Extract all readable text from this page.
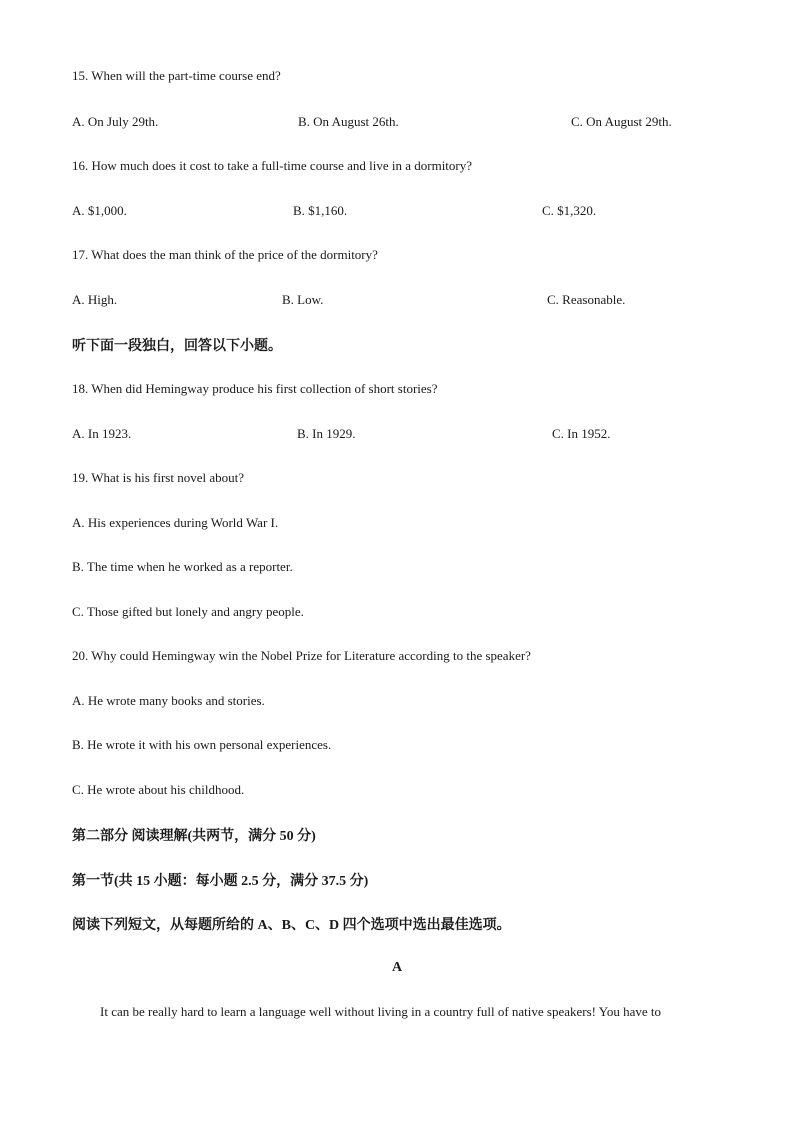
15. When will the part-time course end?
A. On July 29th.	B. On August 26th.	C. On August 29th.
16. How much does it cost to take a full-time course and live in a dormitory?
A. $1,000.	B. $1,160.	C. $1,320.
17. What does the man think of the price of the dormitory?
A. High.	B. Low.	C. Reasonable.
听下面一段独白，回答以下小题。
18. When did Hemingway produce his first collection of short stories?
A. In 1923.	B. In 1929.	C. In 1952.
19. What is his first novel about?
A. His experiences during World War I.
B. The time when he worked as a reporter.
C. Those gifted but lonely and angry people.
20. Why could Hemingway win the Nobel Prize for Literature according to the speaker?
A. He wrote many books and stories.
B. He wrote it with his own personal experiences.
C. He wrote about his childhood.
第二部分 阅读理解(共两节，满分 50 分)
第一节(共 15 小题：每小题 2.5 分，满分 37.5 分)
阅读下列短文，从每题所给的 A、B、C、D 四个选项中选出最佳选项。
A
It can be really hard to learn a language well without living in a country full of native speakers! You have to
